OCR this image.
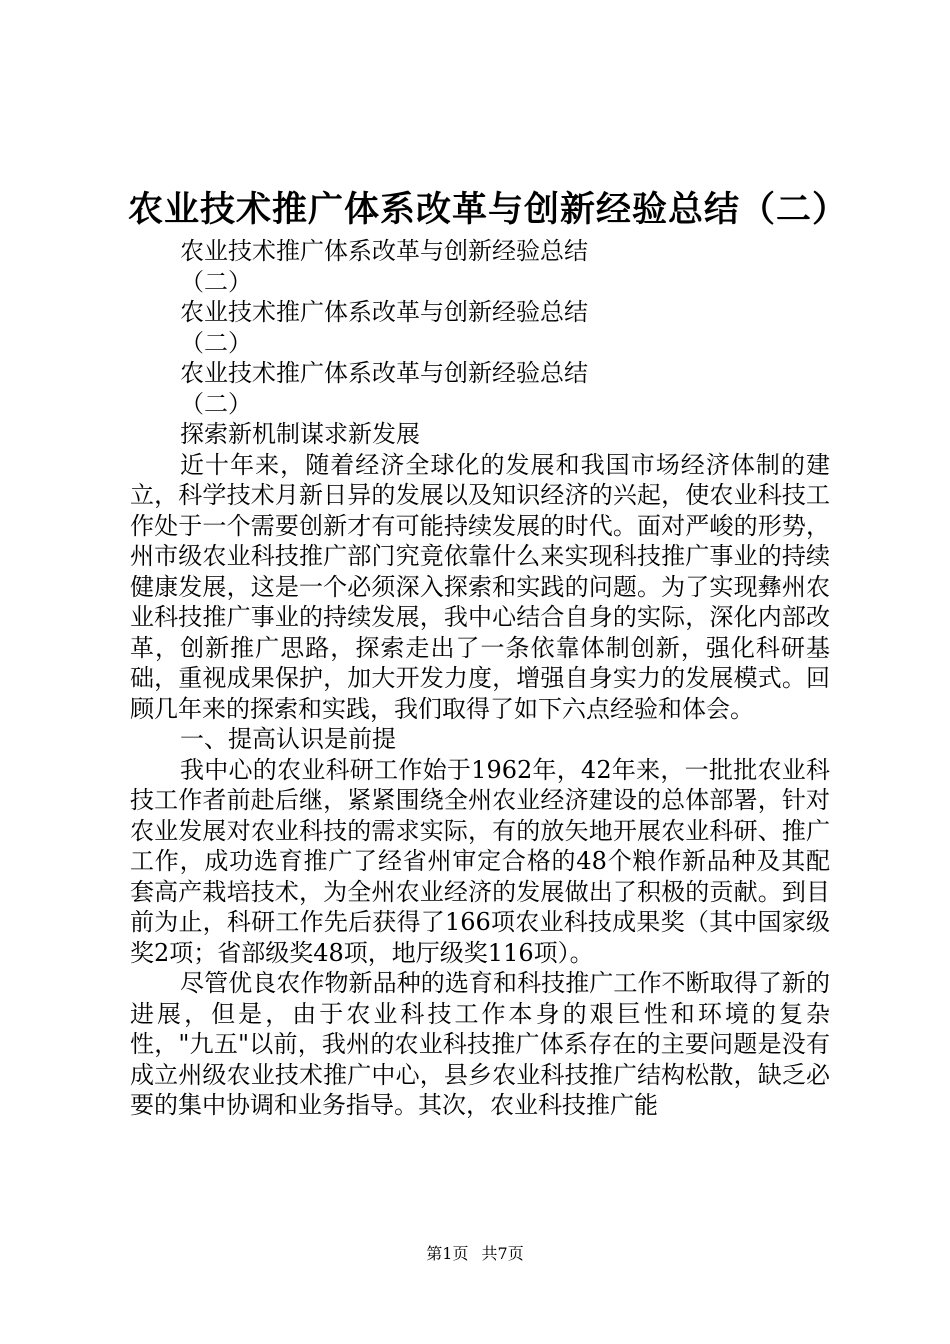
农业技术推广体系改革与创新经验总结（二）

农业技术推广体系改革与创新经验总结

（二）

农业技术推广体系改革与创新经验总结

（二）

农业技术推广体系改革与创新经验总结

（二）

探索新机制谋求新发展

近十年来，随着经济全球化的发展和我国市场经济体制的建立，科学技术月新日异的发展以及知识经济的兴起，使农业科技工作处于一个需要创新才有可能持续发展的时代。面对严峻的形势，州市级农业科技推广部门究竟依靠什么来实现科技推广事业的持续健康发展，这是一个必须深入探索和实践的问题。为了实现彝州农业科技推广事业的持续发展，我中心结合自身的实际，深化内部改革，创新推广思路，探索走出了一条依靠体制创新，强化科研基础，重视成果保护，加大开发力度，增强自身实力的发展模式。回顾几年来的探索和实践，我们取得了如下六点经验和体会。

一、提高认识是前提

我中心的农业科研工作始于1962年，42年来，一批批农业科技工作者前赴后继，紧紧围绕全州农业经济建设的总体部署，针对农业发展对农业科技的需求实际，有的放矢地开展农业科研、推广工作，成功选育推广了经省州审定合格的48个粮作新品种及其配套高产栽培技术，为全州农业经济的发展做出了积极的贡献。到目前为止，科研工作先后获得了166项农业科技成果奖（其中国家级奖2项；省部级奖48项，地厅级奖116项）。

尽管优良农作物新品种的选育和科技推广工作不断取得了新的进展，但是，由于农业科技工作本身的艰巨性和环境的复杂性，"九五"以前，我州的农业科技推广体系存在的主要问题是没有成立州级农业技术推广中心，县乡农业科技推广结构松散，缺乏必要的集中协调和业务指导。其次，农业科技推广能

第1页 共7页
